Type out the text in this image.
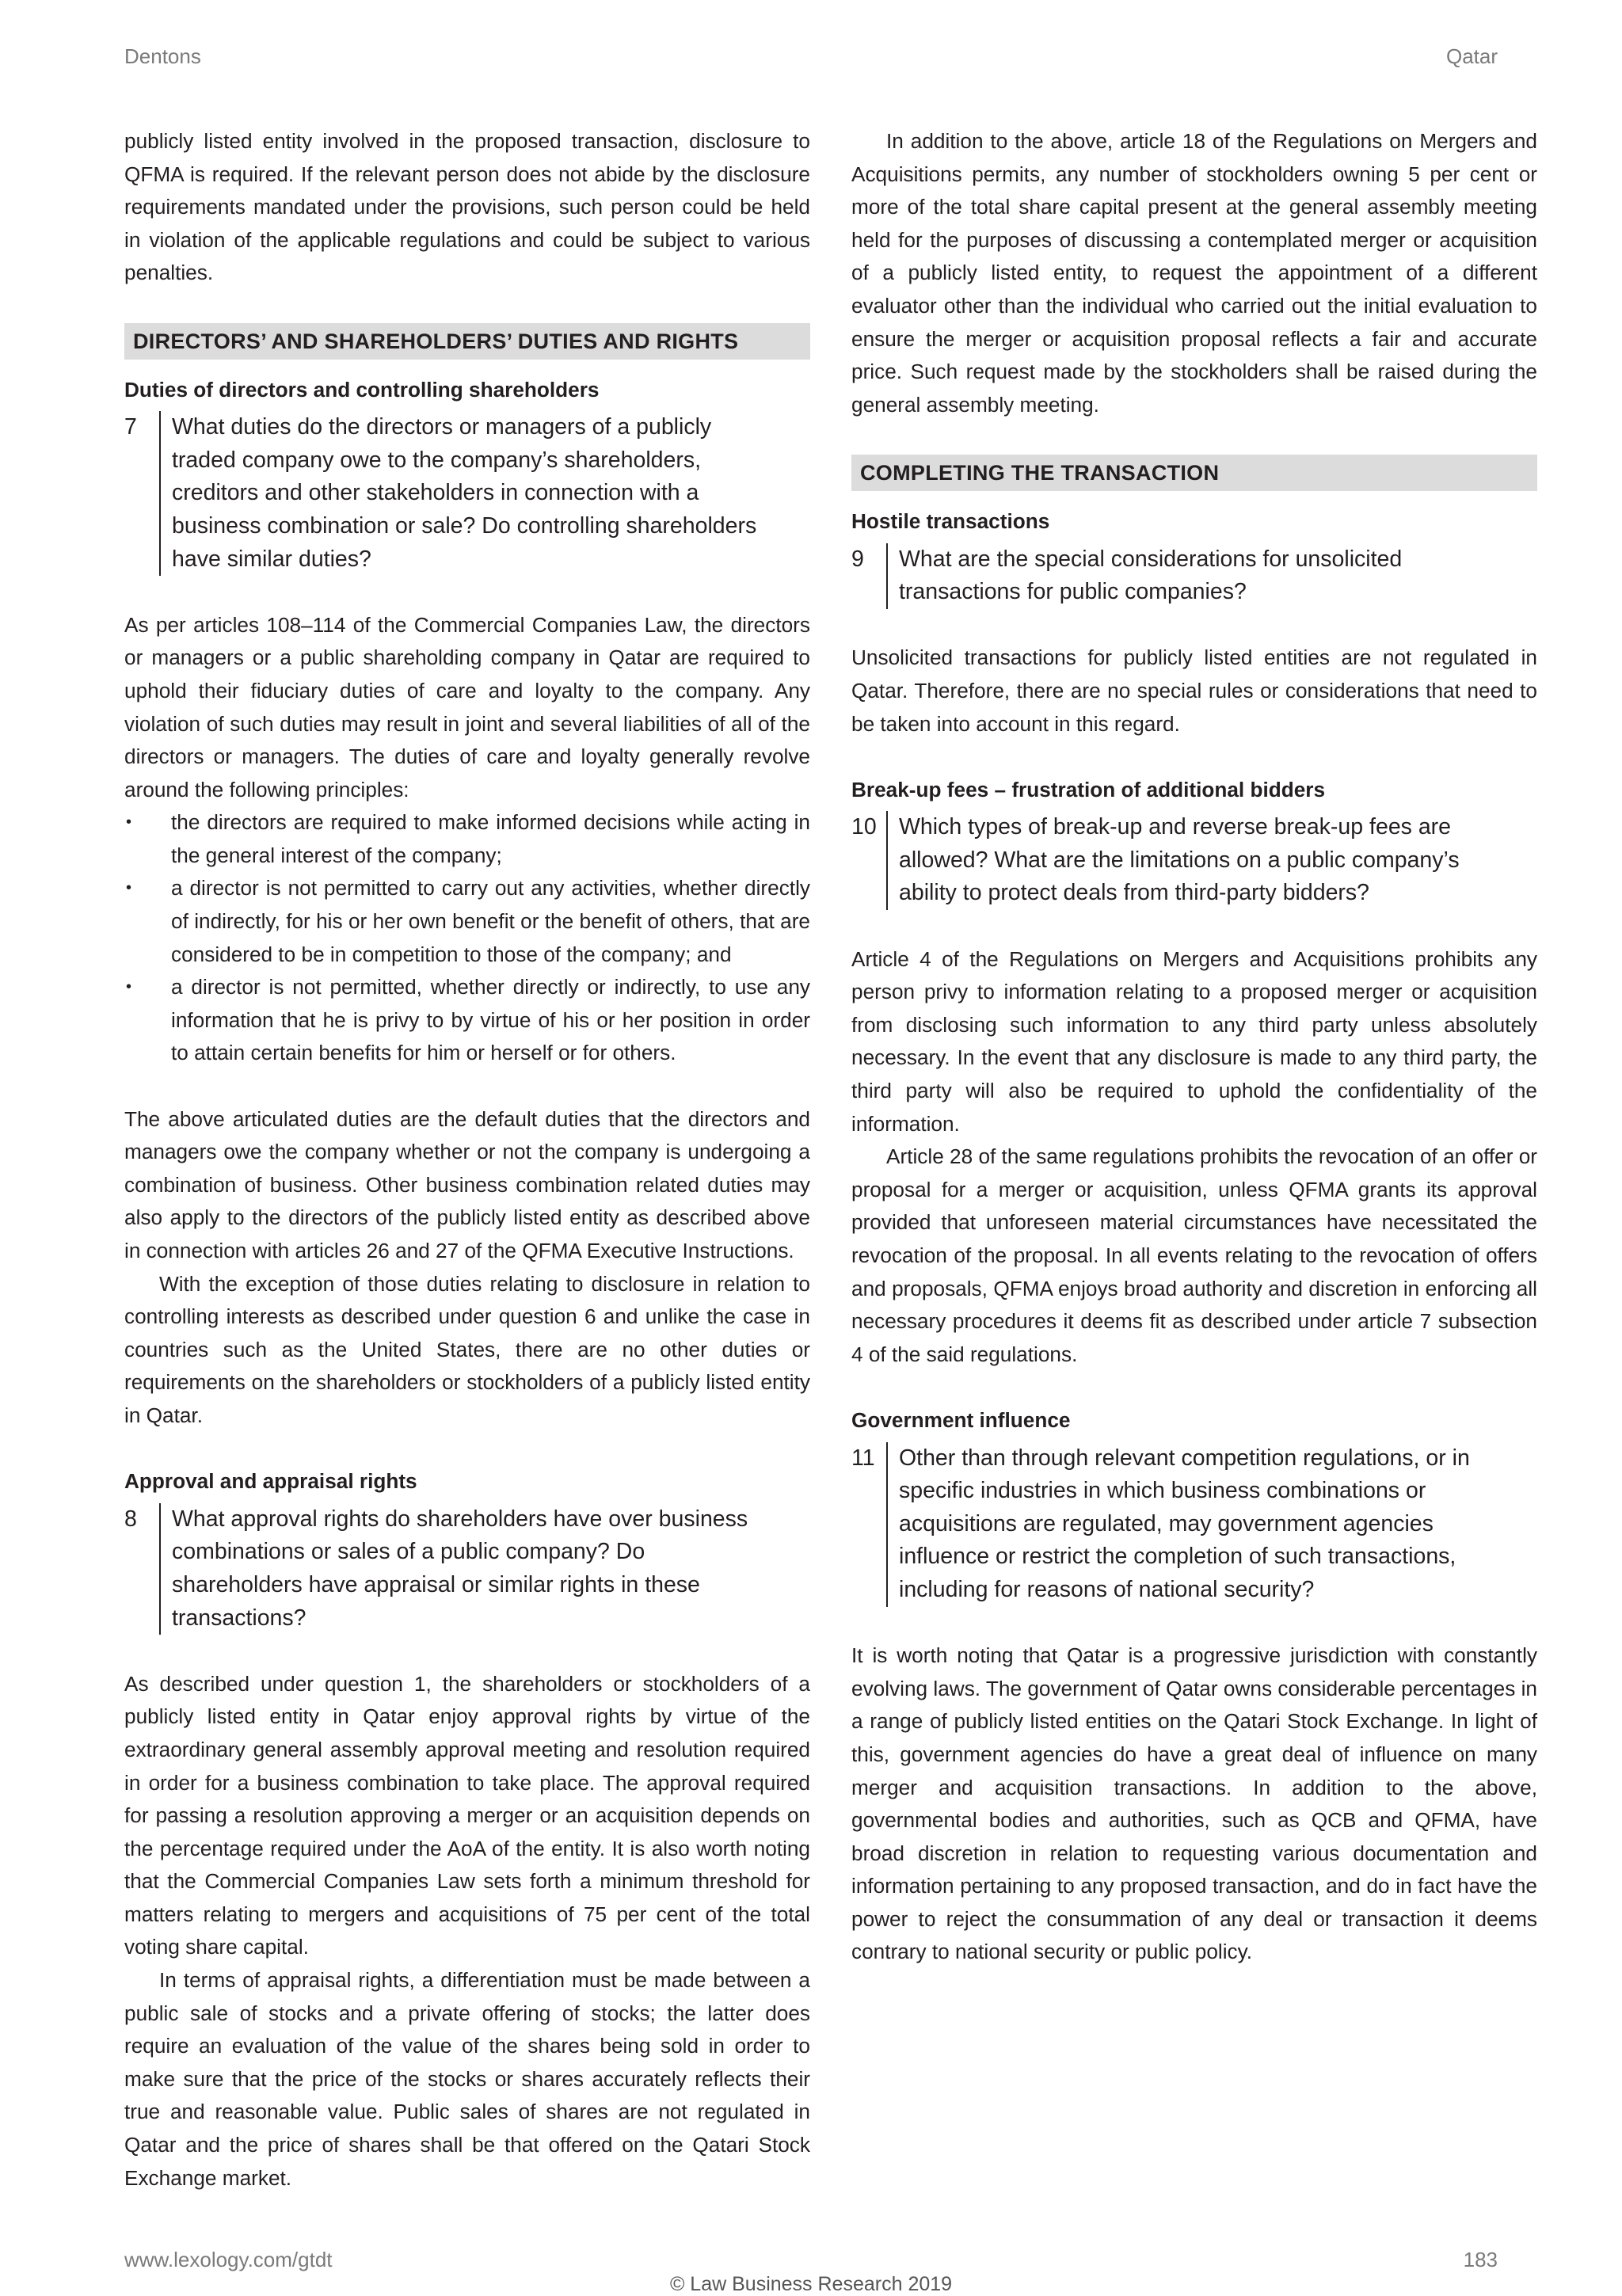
Dentons	Qatar

publicly listed entity involved in the proposed transaction, disclosure to QFMA is required. If the relevant person does not abide by the disclosure requirements mandated under the provisions, such person could be held in violation of the applicable regulations and could be subject to various penalties.

DIRECTORS’ AND SHAREHOLDERS’ DUTIES AND RIGHTS
Duties of directors and controlling shareholders
7	What duties do the directors or managers of a publicly traded company owe to the company’s shareholders, creditors and other stakeholders in connection with a business combination or sale? Do controlling shareholders have similar duties?

As per articles 108–114 of the Commercial Companies Law, the directors or managers or a public shareholding company in Qatar are required to uphold their fiduciary duties of care and loyalty to the company. Any violation of such duties may result in joint and several liabilities of all of the directors or managers. The duties of care and loyalty generally revolve around the following principles:

• the directors are required to make informed decisions while acting in the general interest of the company;
• a director is not permitted to carry out any activities, whether directly of indirectly, for his or her own benefit or the benefit of others, that are considered to be in competition to those of the company; and
• a director is not permitted, whether directly or indirectly, to use any information that he is privy to by virtue of his or her position in order to attain certain benefits for him or herself or for others.

The above articulated duties are the default duties that the directors and managers owe the company whether or not the company is undergoing a combination of business. Other business combination related duties may also apply to the directors of the publicly listed entity as described above in connection with articles 26 and 27 of the QFMA Executive Instructions.

With the exception of those duties relating to disclosure in relation to controlling interests as described under question 6 and unlike the case in countries such as the United States, there are no other duties or requirements on the shareholders or stockholders of a publicly listed entity in Qatar.

Approval and appraisal rights
8	What approval rights do shareholders have over business combinations or sales of a public company? Do shareholders have appraisal or similar rights in these transactions?

As described under question 1, the shareholders or stockholders of a publicly listed entity in Qatar enjoy approval rights by virtue of the extraordinary general assembly approval meeting and resolution required in order for a business combination to take place. The approval required for passing a resolution approving a merger or an acquisition depends on the percentage required under the AoA of the entity. It is also worth noting that the Commercial Companies Law sets forth a minimum threshold for matters relating to mergers and acquisitions of 75 per cent of the total voting share capital.

In terms of appraisal rights, a differentiation must be made between a public sale of stocks and a private offering of stocks; the latter does require an evaluation of the value of the shares being sold in order to make sure that the price of the stocks or shares accurately reflects their true and reasonable value. Public sales of shares are not regulated in Qatar and the price of shares shall be that offered on the Qatari Stock Exchange market.

In addition to the above, article 18 of the Regulations on Mergers and Acquisitions permits, any number of stockholders owning 5 per cent or more of the total share capital present at the general assembly meeting held for the purposes of discussing a contemplated merger or acquisition of a publicly listed entity, to request the appointment of a different evaluator other than the individual who carried out the initial evaluation to ensure the merger or acquisition proposal reflects a fair and accurate price. Such request made by the stockholders shall be raised during the general assembly meeting.

COMPLETING THE TRANSACTION
Hostile transactions
9	What are the special considerations for unsolicited transactions for public companies?

Unsolicited transactions for publicly listed entities are not regulated in Qatar. Therefore, there are no special rules or considerations that need to be taken into account in this regard.

Break-up fees – frustration of additional bidders
10 Which types of break-up and reverse break-up fees are allowed? What are the limitations on a public company’s ability to protect deals from third-party bidders?

Article 4 of the Regulations on Mergers and Acquisitions prohibits any person privy to information relating to a proposed merger or acquisition from disclosing such information to any third party unless absolutely necessary. In the event that any disclosure is made to any third party, the third party will also be required to uphold the confidentiality of the information.

Article 28 of the same regulations prohibits the revocation of an offer or proposal for a merger or acquisition, unless QFMA grants its approval provided that unforeseen material circumstances have necessitated the revocation of the proposal. In all events relating to the revocation of offers and proposals, QFMA enjoys broad authority and discretion in enforcing all necessary procedures it deems fit as described under article 7 subsection 4 of the said regulations.

Government influence
11	Other than through relevant competition regulations, or in specific industries in which business combinations or acquisitions are regulated, may government agencies influence or restrict the completion of such transactions, including for reasons of national security?

It is worth noting that Qatar is a progressive jurisdiction with constantly evolving laws. The government of Qatar owns considerable percentages in a range of publicly listed entities on the Qatari Stock Exchange. In light of this, government agencies do have a great deal of influence on many merger and acquisition transactions. In addition to the above, governmental bodies and authorities, such as QCB and QFMA, have broad discretion in relation to requesting various documentation and information pertaining to any proposed transaction, and do in fact have the power to reject the consummation of any deal or transaction it deems contrary to national security or public policy.

www.lexology.com/gtdt	183
© Law Business Research 2019
